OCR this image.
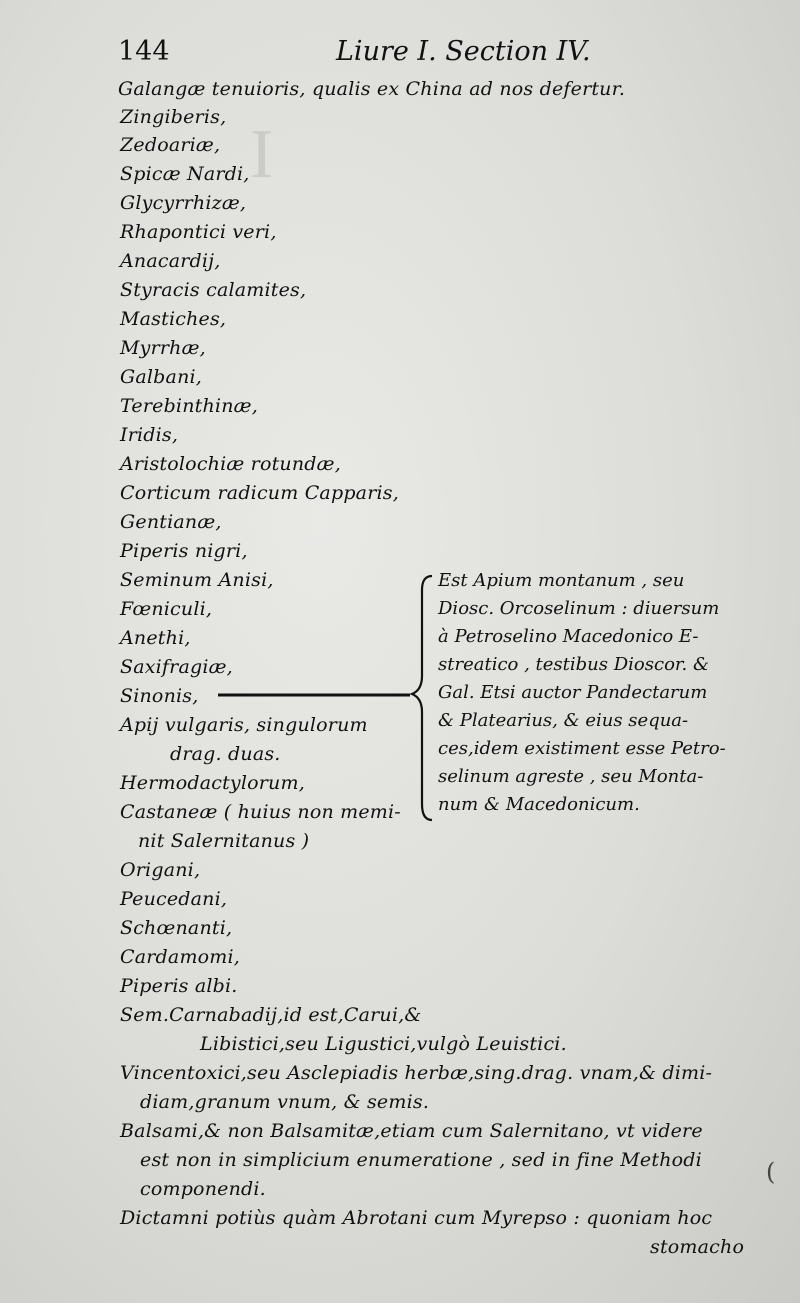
I
144	Liure I. Section IV.
Galangæ tenuioris, qualis ex China ad nos defertur.
Zingiberis,
Zedoariæ,
Spicæ Nardi,
Glycyrrhizæ,
Rhapontici veri,
Anacardij,
Styracis calamites,
Mastiches,
Myrrhæ,
Galbani,
Terebinthinæ,
Iridis,
Aristolochiæ rotundæ,
Corticum radicum Capparis,
Gentianæ,
Piperis nigri,
Seminum Anisi,
Fœniculi,
Anethi,
Saxifragiæ,
Sinonis,
Apij vulgaris, singulorum
drag. duas.
Hermodactylorum,
Castaneæ ( huius non memi-
nit Salernitanus )
Origani,
Peucedani,
Schœnanti,
Cardamomi,
Piperis albi.
Sem.Carnabadij,id est,Carui,&
Libistici,seu Ligustici,vulgò Leuistici.
Vincentoxici,seu Asclepiadis herbæ,sing.drag. vnam,& dimi-
diam,granum vnum, & semis.
Balsami,& non Balsamitæ,etiam cum Salernitano, vt videre
est non in simplicium enumeratione , sed in fine Methodi
componendi.
Dictamni potiùs quàm Abrotani cum Myrepso : quoniam hoc
stomacho
Est Apium montanum , seu
Diosc. Orcoselinum : diuersum
à Petroselino Macedonico E-
streatico , testibus Dioscor. &
Gal. Etsi auctor Pandectarum
& Platearius, & eius sequa-
ces,idem existiment esse Petro-
selinum agreste , seu Monta-
num & Macedonicum.
(
